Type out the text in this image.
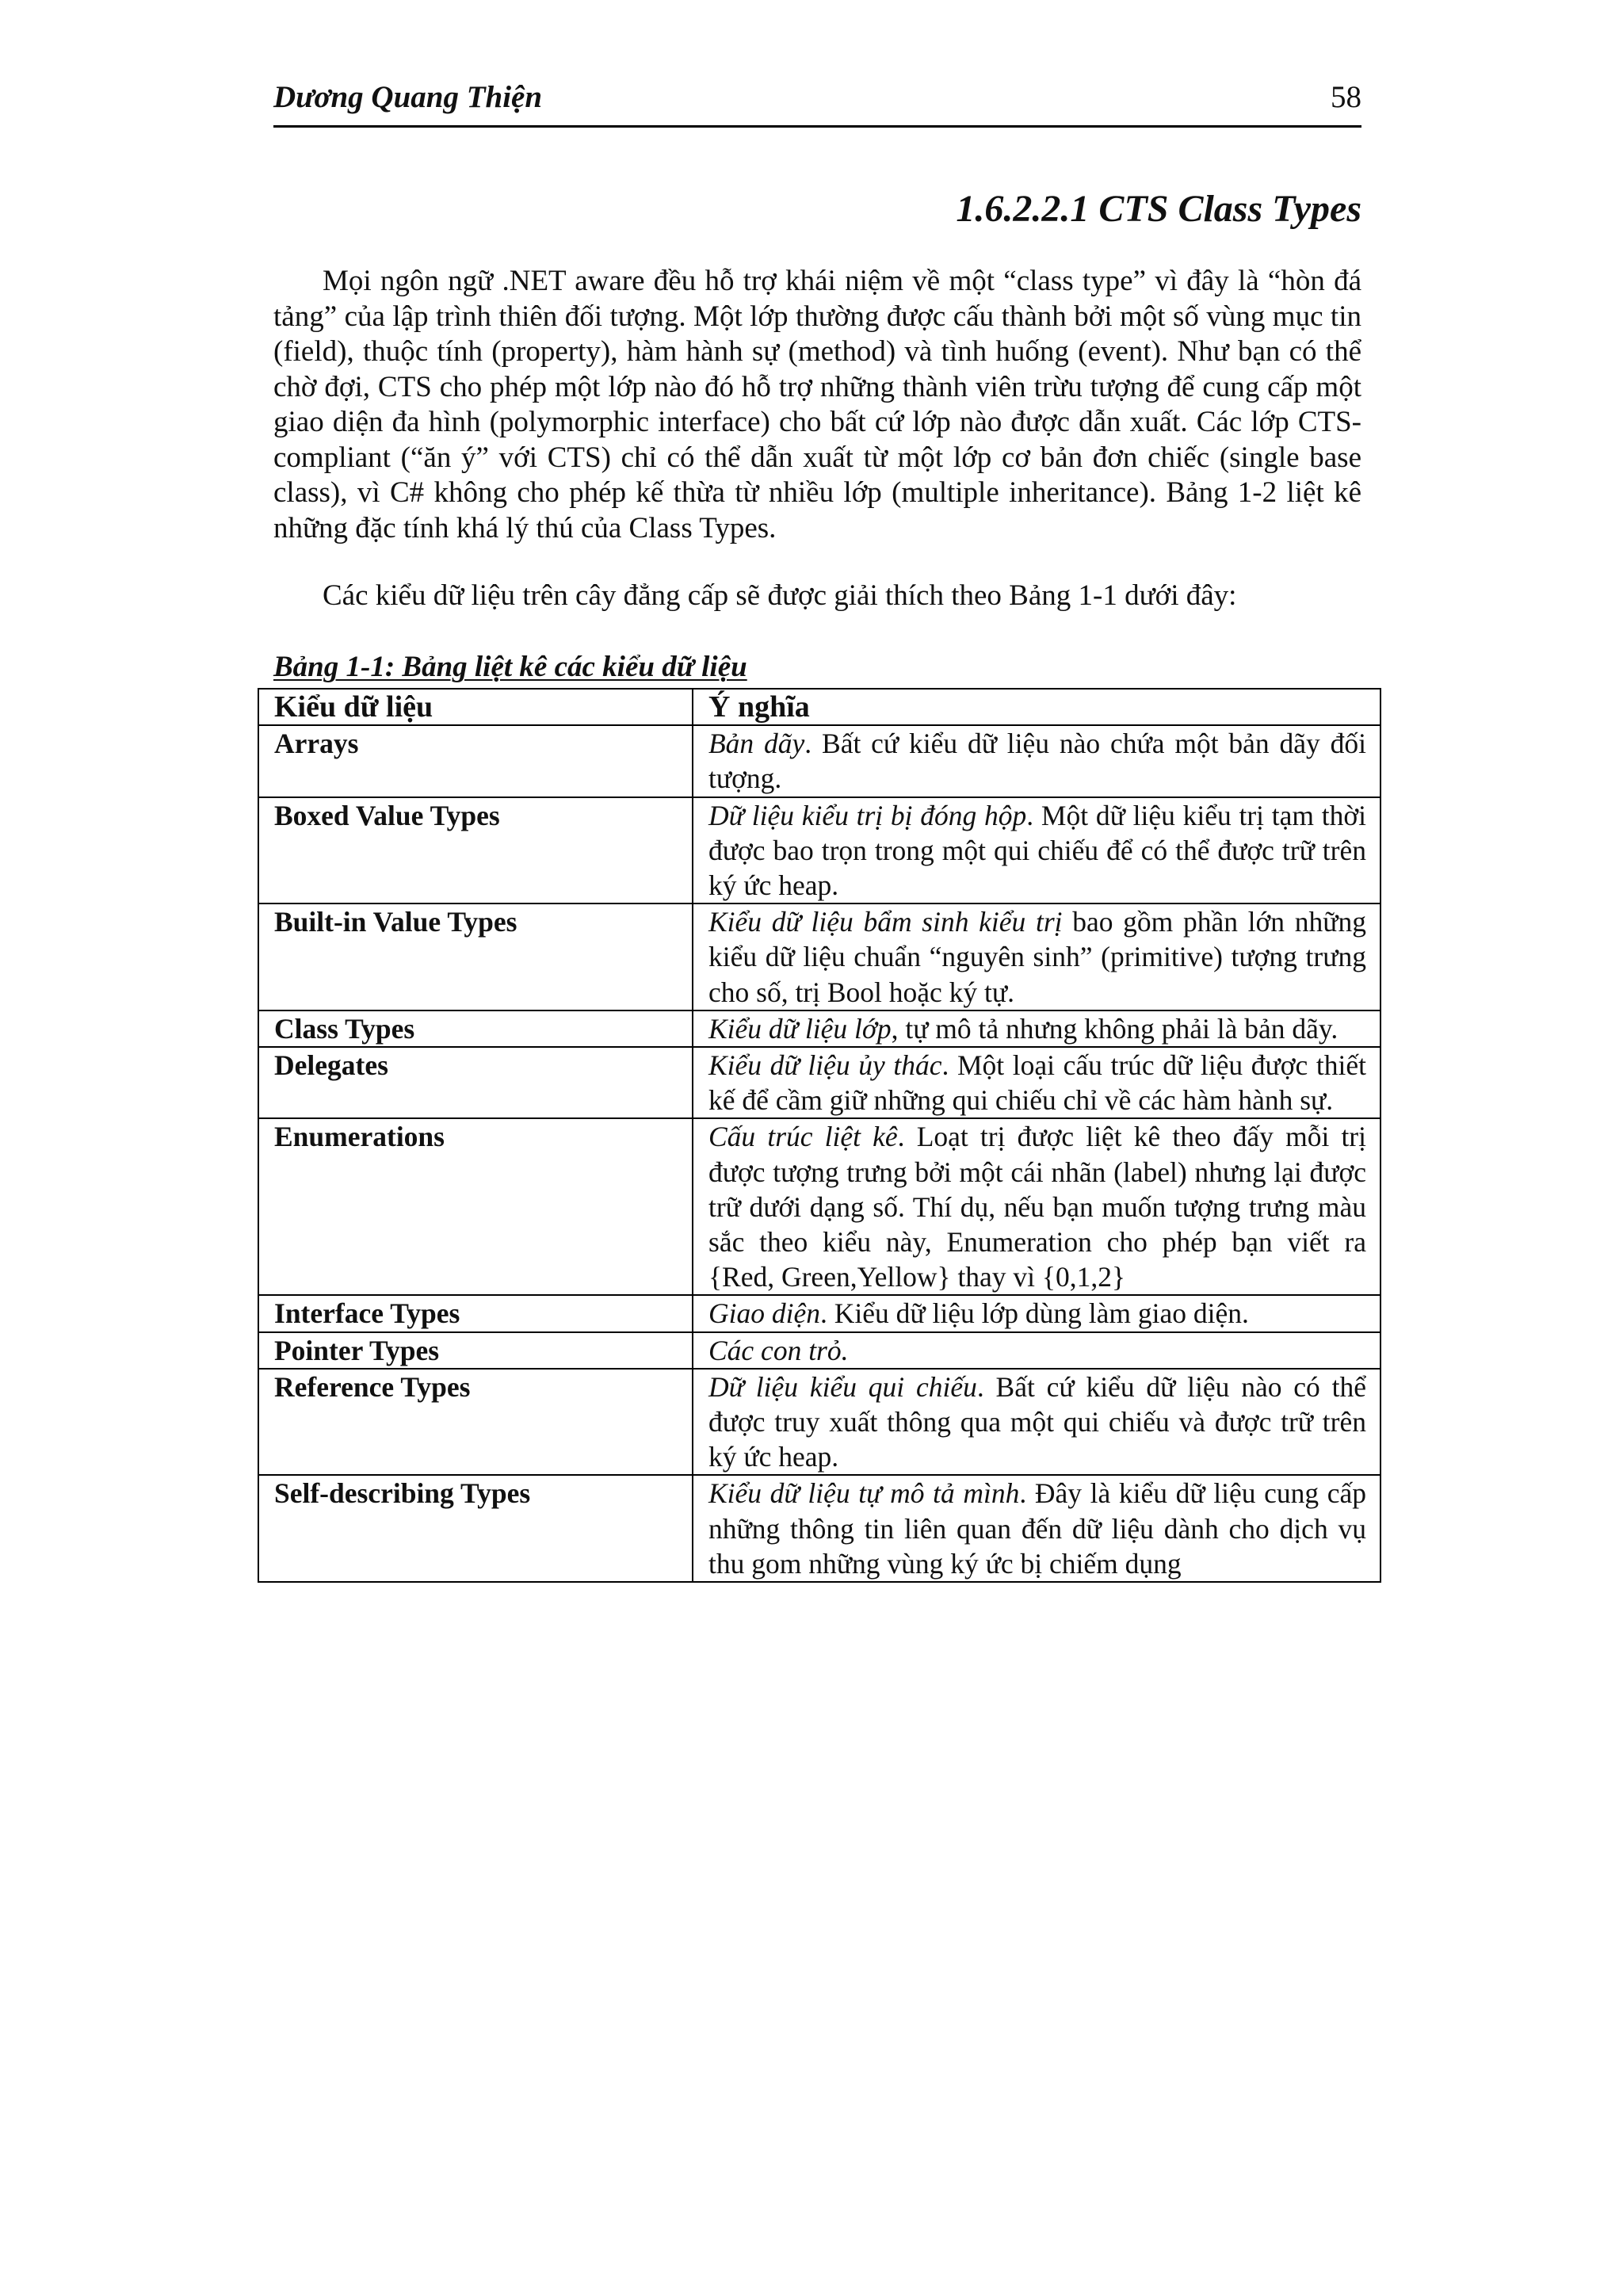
Dương Quang Thiện	58
1.6.2.2.1 CTS Class Types

Mọi ngôn ngữ .NET aware đều hỗ trợ khái niệm về một “class type” vì đây là “hòn đá tảng” của lập trình thiên đối tượng. Một lớp thường được cấu thành bởi một số vùng mục tin (field), thuộc tính (property), hàm hành sự (method) và tình huống (event). Như bạn có thể chờ đợi, CTS cho phép một lớp nào đó hỗ trợ những thành viên trừu tượng để cung cấp một giao diện đa hình (polymorphic interface) cho bất cứ lớp nào được dẫn xuất. Các lớp CTS-compliant (“ăn ý” với CTS) chỉ có thể dẫn xuất từ một lớp cơ bản đơn chiếc (single base class), vì C# không cho phép kế thừa từ nhiều lớp (multiple inheritance). Bảng 1-2 liệt kê những đặc tính khá lý thú của Class Types.

Các kiểu dữ liệu trên cây đẳng cấp sẽ được giải thích theo Bảng 1-1 dưới đây:

Bảng 1-1: Bảng liệt kê các kiểu dữ liệu
Kiểu dữ liệu	Ý nghĩa
Arrays	Bản dãy. Bất cứ kiểu dữ liệu nào chứa một bản dãy đối tượng.
Boxed Value Types	Dữ liệu kiểu trị bị đóng hộp. Một dữ liệu kiểu trị tạm thời được bao trọn trong một qui chiếu để có thể được trữ trên ký ức heap.
Built-in Value Types	Kiểu dữ liệu bẩm sinh kiểu trị bao gồm phần lớn những kiểu dữ liệu chuẩn “nguyên sinh” (primitive) tượng trưng cho số, trị Bool hoặc ký tự.
Class Types	Kiểu dữ liệu lớp, tự mô tả nhưng không phải là bản dãy.
Delegates	Kiểu dữ liệu ủy thác. Một loại cấu trúc dữ liệu được thiết kế để cầm giữ những qui chiếu chỉ về các hàm hành sự.
Enumerations	Cấu trúc liệt kê. Loạt trị được liệt kê theo đấy mỗi trị được tượng trưng bởi một cái nhãn (label) nhưng lại được trữ dưới dạng số. Thí dụ, nếu bạn muốn tượng trưng màu sắc theo kiểu này, Enumeration cho phép bạn viết ra {Red, Green,Yellow} thay vì {0,1,2}
Interface Types	Giao diện. Kiểu dữ liệu lớp dùng làm giao diện.
Pointer Types	Các con trỏ.
Reference Types	Dữ liệu kiểu qui chiếu. Bất cứ kiểu dữ liệu nào có thể được truy xuất thông qua một qui chiếu và được trữ trên ký ức heap.
Self-describing Types	Kiểu dữ liệu tự mô tả mình. Đây là kiểu dữ liệu cung cấp những thông tin liên quan đến dữ liệu dành cho dịch vụ thu gom những vùng ký ức bị chiếm dụng
